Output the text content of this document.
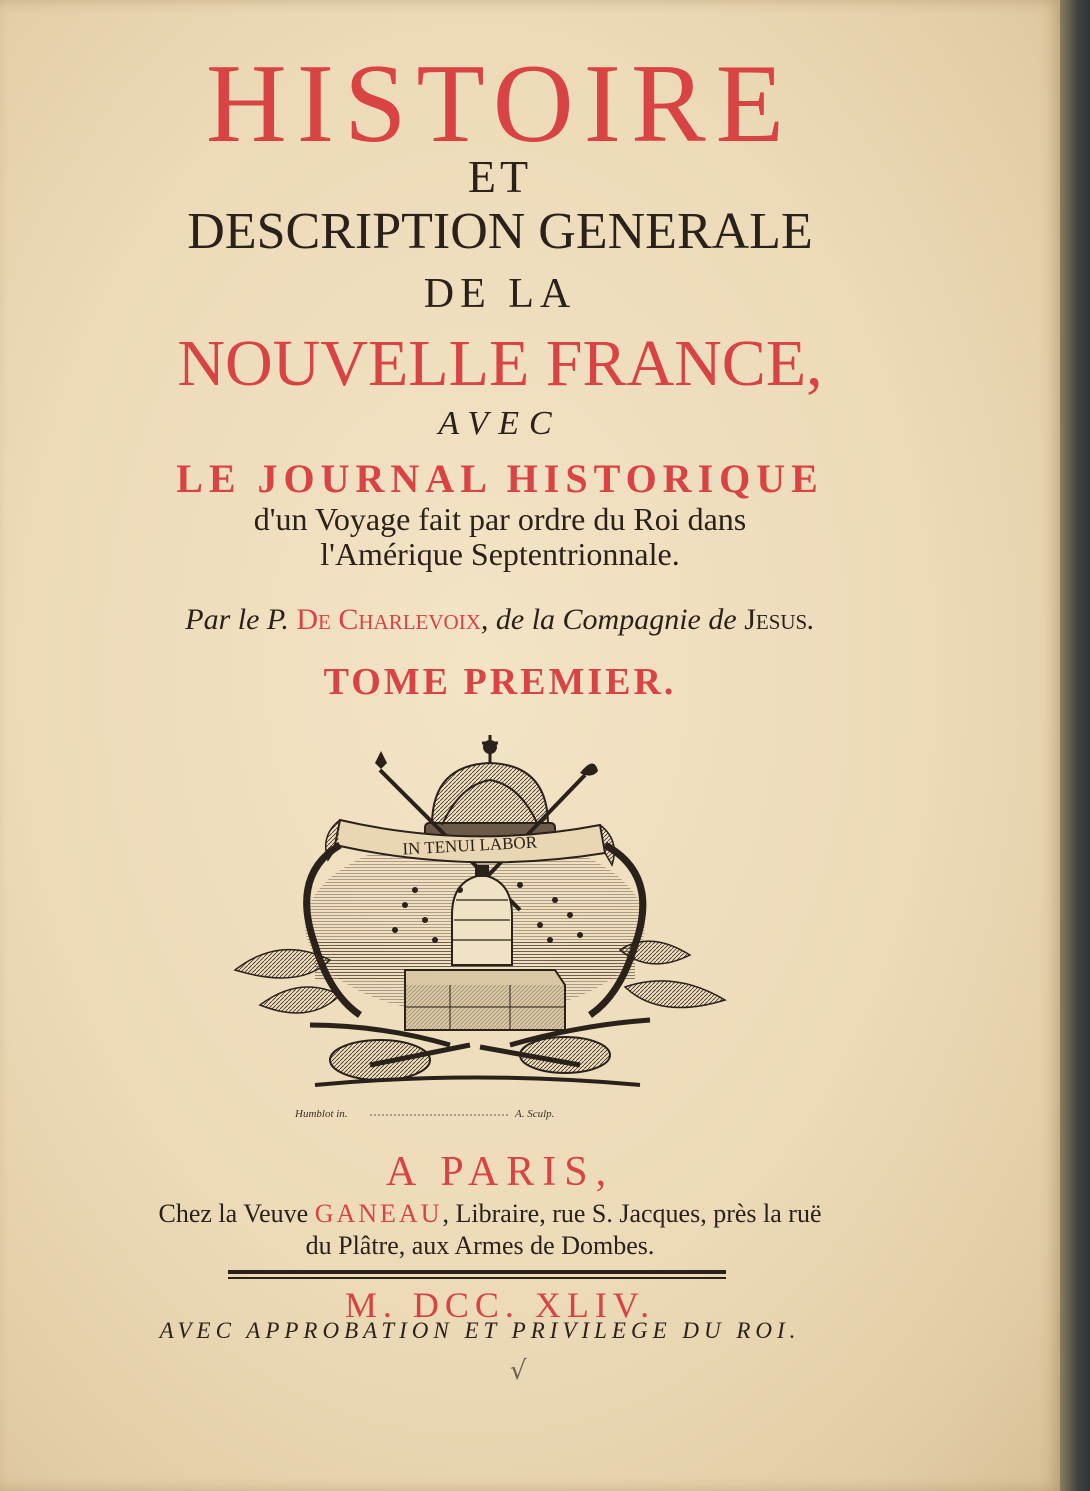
HISTOIRE
ET
DESCRIPTION GENERALE
DE LA
NOUVELLE FRANCE,
AVEC
LE JOURNAL HISTORIQUE
d'un Voyage fait par ordre du Roi dans
l'Amérique Septentrionnale.
Par le P. De Charlevoix, de la Compagnie de Jesus.
TOME PREMIER.
IN TENUI LABOR
Humblot in.	A. Sculp.
A PARIS,
Chez la Veuve GANEAU, Libraire, rue S. Jacques, près la ruë
du Plâtre, aux Armes de Dombes.
M. DCC. XLIV.
AVEC APPROBATION ET PRIVILEGE DU ROI.
√
